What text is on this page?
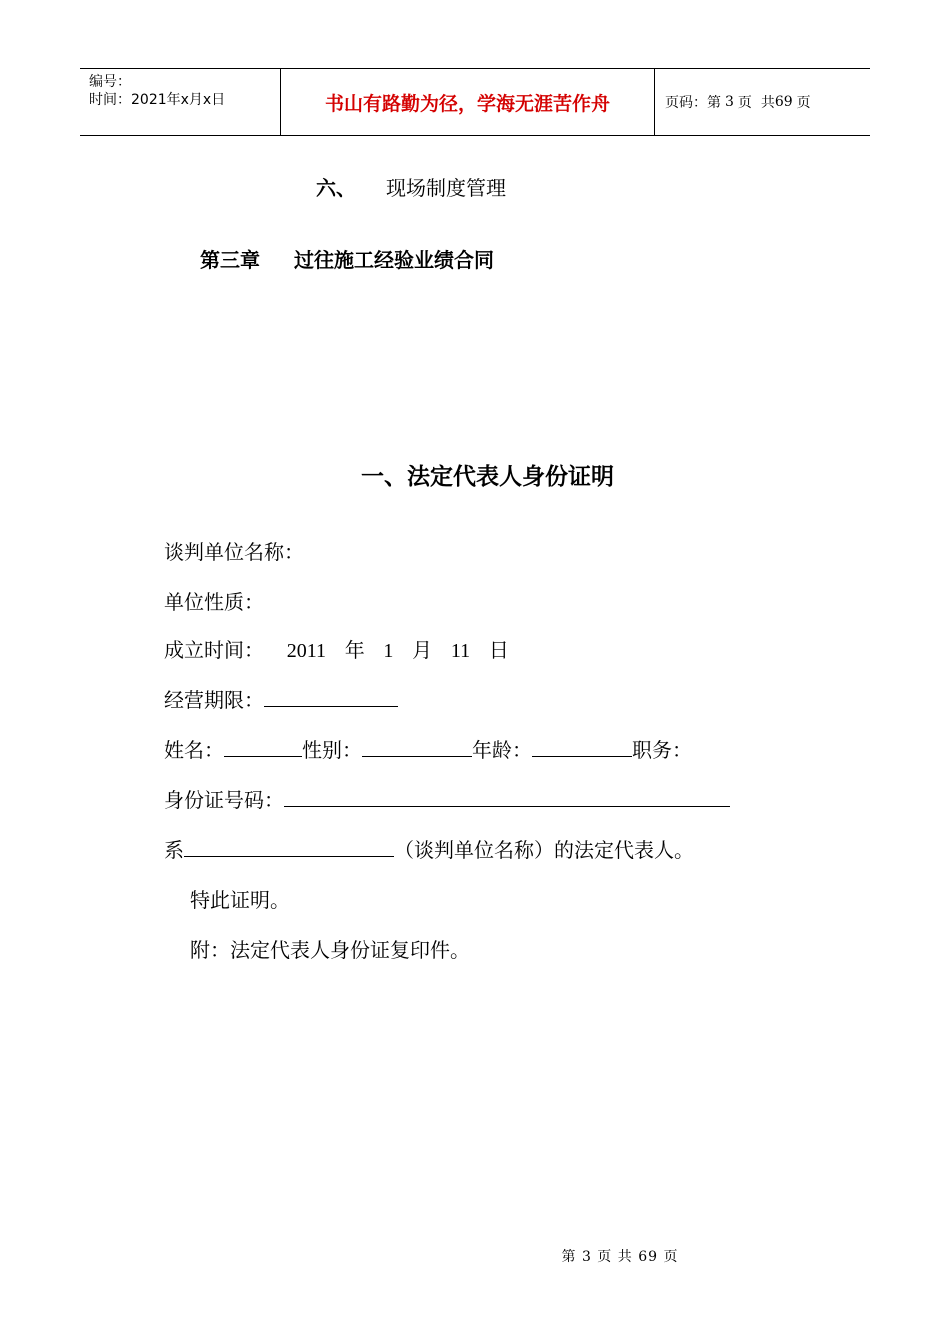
编号：
时间：2021年x月x日	书山有路勤为径，学海无涯苦作舟	页码：第 3 页  共 69 页
六、 现场制度管理
第三章 过往施工经验业绩合同
一、法定代表人身份证明
谈判单位名称：
单位性质：
成立时间： 2011 年 1 月 11 日
经营期限：
姓名：	性别：	年龄：	职务：
身份证号码：
系	（谈判单位名称）的法定代表人。
特此证明。
附：法定代表人身份证复印件。
第 3 页 共 69 页
